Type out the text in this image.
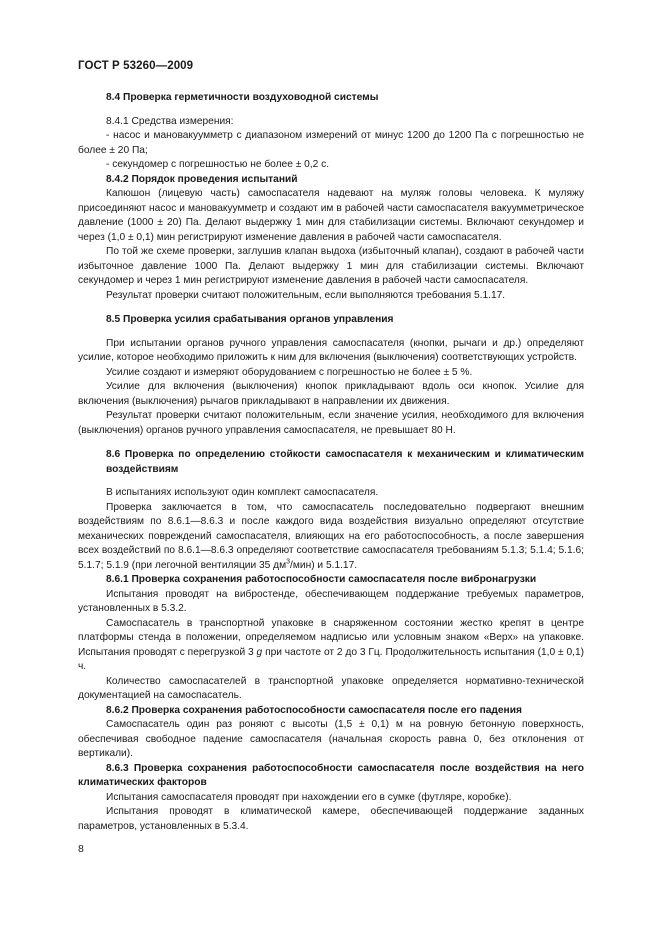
ГОСТ Р 53260—2009

8.4 Проверка герметичности воздуховодной системы

8.4.1 Средства измерения:

- насос и мановакуумметр с диапазоном измерений от минус 1200 до 1200 Па с погрешностью не более ± 20 Па;

- секундомер с погрешностью не более ± 0,2 с.

8.4.2 Порядок проведения испытаний

Капюшон (лицевую часть) самоспасателя надевают на муляж головы человека. К муляжу присоединяют насос и мановакуумметр и создают им в рабочей части самоспасателя вакуумметрическое давление (1000 ± 20) Па. Делают выдержку 1 мин для стабилизации системы. Включают секундомер и через (1,0 ± 0,1) мин регистрируют изменение давления в рабочей части самоспасателя.

По той же схеме проверки, заглушив клапан выдоха (избыточный клапан), создают в рабочей части избыточное давление 1000 Па. Делают выдержку 1 мин для стабилизации системы. Включают секундомер и через 1 мин регистрируют изменение давления в рабочей части самоспасателя.

Результат проверки считают положительным, если выполняются требования 5.1.17.

8.5 Проверка усилия срабатывания органов управления

При испытании органов ручного управления самоспасателя (кнопки, рычаги и др.) определяют усилие, которое необходимо приложить к ним для включения (выключения) соответствующих устройств.

Усилие создают и измеряют оборудованием с погрешностью не более ± 5 %.

Усилие для включения (выключения) кнопок прикладывают вдоль оси кнопок. Усилие для включения (выключения) рычагов прикладывают в направлении их движения.

Результат проверки считают положительным, если значение усилия, необходимого для включения (выключения) органов ручного управления самоспасателя, не превышает 80 Н.

8.6 Проверка по определению стойкости самоспасателя к механическим и климатическим воздействиям

В испытаниях используют один комплект самоспасателя.

Проверка заключается в том, что самоспасатель последовательно подвергают внешним воздействиям по 8.6.1—8.6.3 и после каждого вида воздействия визуально определяют отсутствие механических повреждений самоспасателя, влияющих на его работоспособность, а после завершения всех воздействий по 8.6.1—8.6.3 определяют соответствие самоспасателя требованиям 5.1.3; 5.1.4; 5.1.6; 5.1.7; 5.1.9 (при легочной вентиляции 35 $дм^3/мин$) и 5.1.17.

8.6.1 Проверка сохранения работоспособности самоспасателя после вибронагрузки

Испытания проводят на вибростенде, обеспечивающем поддержание требуемых параметров, установленных в 5.3.2.

Самоспасатель в транспортной упаковке в снаряженном состоянии жестко крепят в центре платформы стенда в положении, определяемом надписью или условным знаком «Верх» на упаковке. Испытания проводят с перегрузкой 3 g при частоте от 2 до 3 Гц. Продолжительность испытания (1,0 ± 0,1) ч.

Количество самоспасателей в транспортной упаковке определяется нормативно-технической документацией на самоспасатель.

8.6.2 Проверка сохранения работоспособности самоспасателя после его падения

Самоспасатель один раз роняют с высоты (1,5 ± 0,1) м на ровную бетонную поверхность, обеспечивая свободное падение самоспасателя (начальная скорость равна 0, без отклонения от вертикали).

8.6.3 Проверка сохранения работоспособности самоспасателя после воздействия на него климатических факторов

Испытания самоспасателя проводят при нахождении его в сумке (футляре, коробке).

Испытания проводят в климатической камере, обеспечивающей поддержание заданных параметров, установленных в 5.3.4.

8
